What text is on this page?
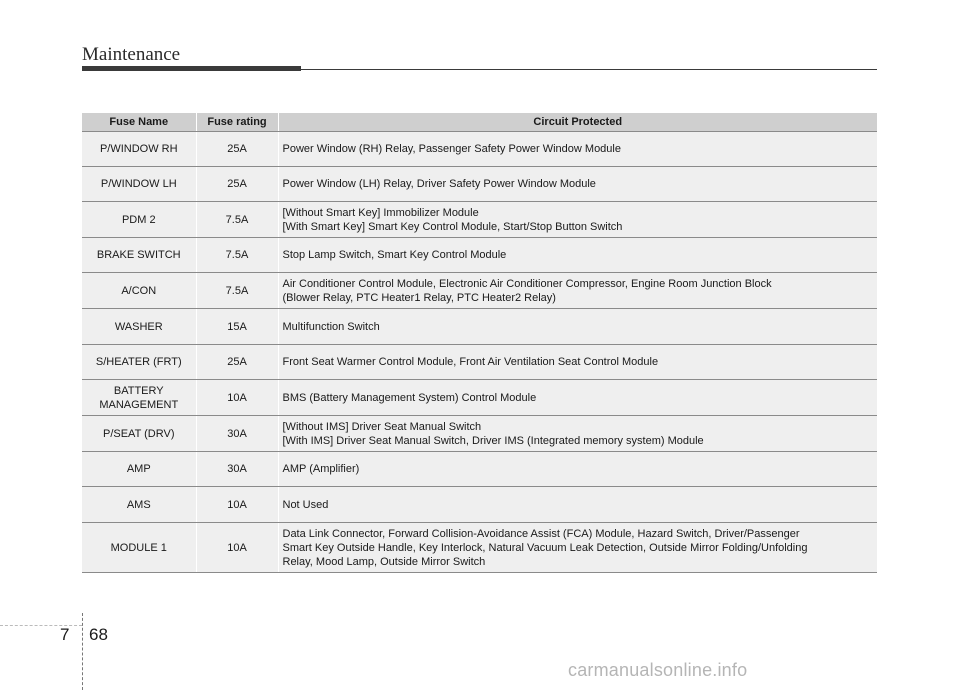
Maintenance
Fuse Name	Fuse rating	Circuit Protected

P/WINDOW RH	25A	Power Window (RH) Relay, Passenger Safety Power Window Module

P/WINDOW LH	25A	Power Window (LH) Relay, Driver Safety Power Window Module

PDM 2	7.5A	[Without Smart Key] Immobilizer Module
[With Smart Key] Smart Key Control Module, Start/Stop Button Switch

BRAKE SWITCH	7.5A	Stop Lamp Switch, Smart Key Control Module

A/CON	7.5A	Air Conditioner Control Module, Electronic Air Conditioner Compressor, Engine Room Junction Block
(Blower Relay, PTC Heater1 Relay, PTC Heater2 Relay)

WASHER	15A	Multifunction Switch

S/HEATER (FRT)	25A	Front Seat Warmer Control Module, Front Air Ventilation Seat Control Module

BATTERY
MANAGEMENT	10A	BMS (Battery Management System) Control Module

P/SEAT (DRV)	30A	[Without IMS] Driver Seat Manual Switch
[With IMS] Driver Seat Manual Switch, Driver IMS (Integrated memory system) Module

AMP	30A	AMP (Amplifier)

AMS	10A	Not Used

MODULE 1	10A	Data Link Connector, Forward Collision-Avoidance Assist (FCA) Module, Hazard Switch, Driver/Passenger
Smart Key Outside Handle, Key Interlock, Natural Vacuum Leak Detection, Outside Mirror Folding/Unfolding
Relay, Mood Lamp, Outside Mirror Switch
7 68
carmanualsonline.info
